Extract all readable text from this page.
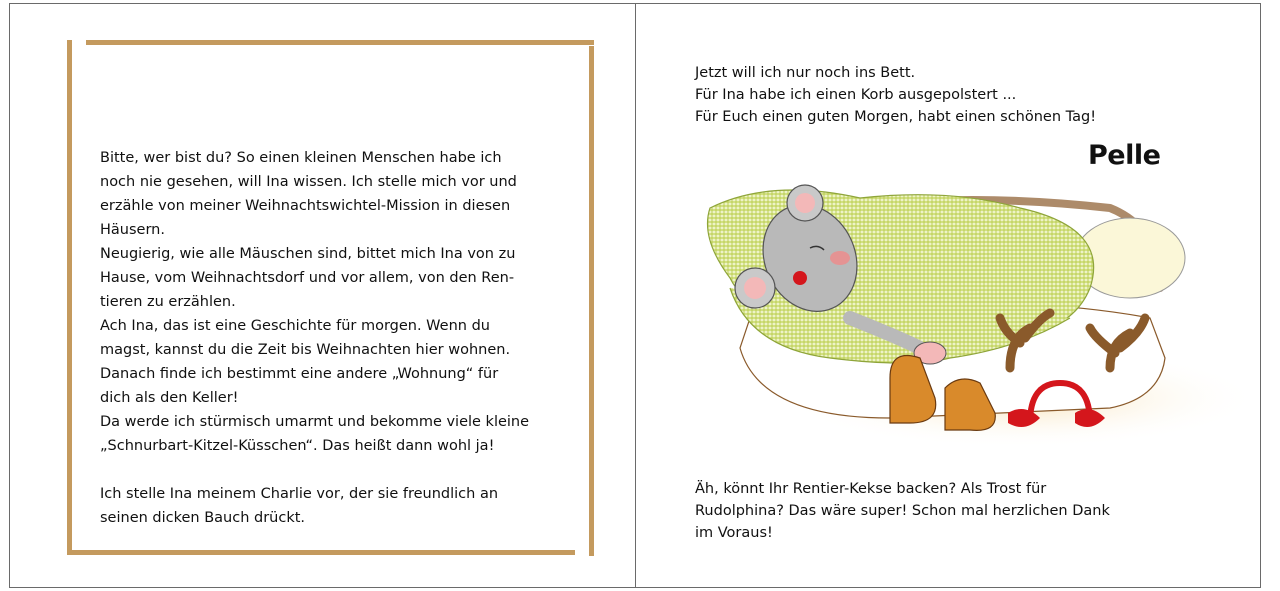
Bitte, wer bist du? So einen kleinen Menschen habe ich

noch nie gesehen, will Ina wissen. Ich stelle mich vor und

erzähle von meiner Weihnachtswichtel-Mission in diesen

Häusern.

Neugierig, wie alle Mäuschen sind, bittet mich Ina von zu

Hause, vom Weihnachtsdorf und vor allem, von den Ren-

tieren zu erzählen.

Ach Ina, das ist eine Geschichte für morgen. Wenn du

magst, kannst du die Zeit bis Weihnachten hier wohnen.

Danach finde ich bestimmt eine andere „Wohnung“ für

dich als den Keller!

Da werde ich stürmisch umarmt und bekomme viele kleine

„Schnurbart-Kitzel-Küsschen“. Das heißt dann wohl ja!

Ich stelle Ina meinem Charlie vor, der sie freundlich an

seinen dicken Bauch drückt.

Jetzt will ich nur noch ins Bett.

Für Ina habe ich einen Korb ausgepolstert ...

Für Euch einen guten Morgen, habt einen schönen Tag!

Pelle

Äh, könnt Ihr Rentier-Kekse backen? Als Trost für

Rudolphina? Das wäre super! Schon mal herzlichen Dank

im Voraus!
